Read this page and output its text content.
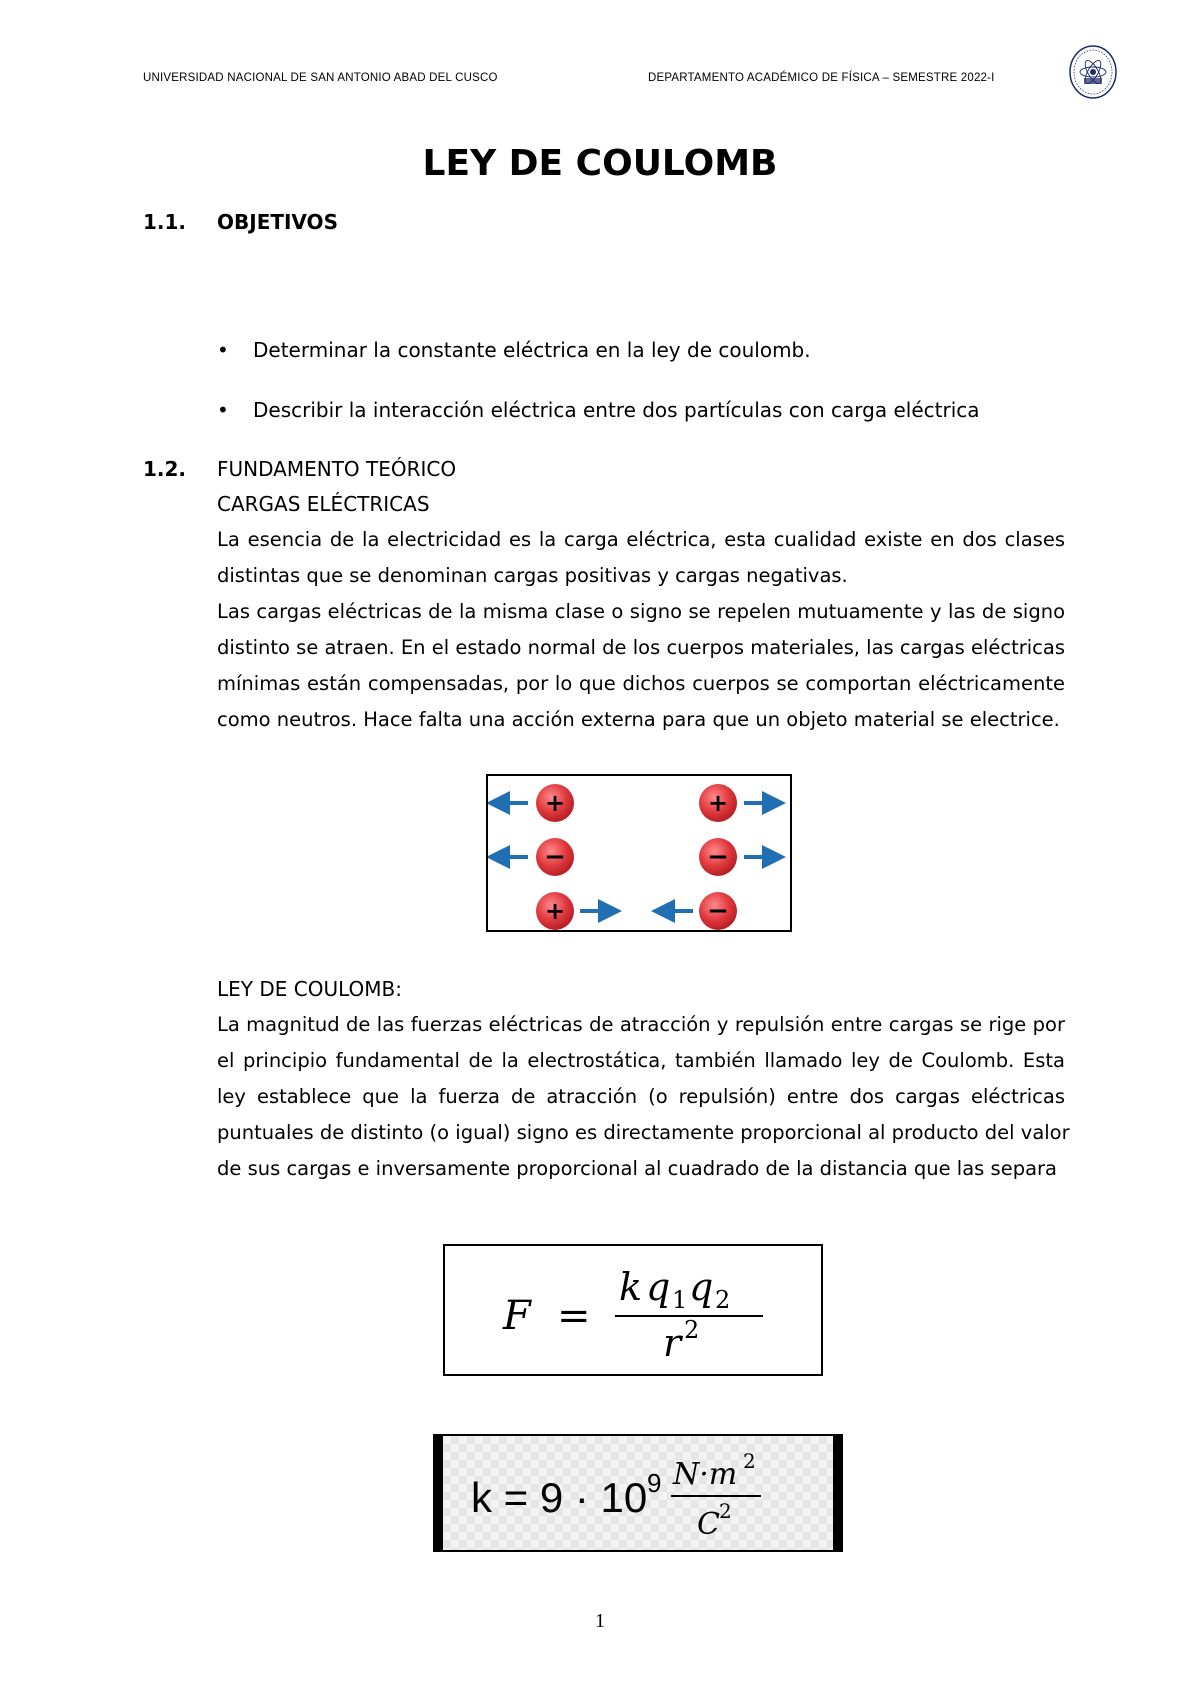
UNIVERSIDAD NACIONAL DE SAN ANTONIO ABAD DEL CUSCO	DEPARTAMENTO ACADÉMICO DE FÍSICA – SEMESTRE 2022-I
LEY DE COULOMB
1.1. OBJETIVOS
• Determinar la constante eléctrica en la ley de coulomb.
• Describir la interacción eléctrica entre dos partículas con carga eléctrica
1.2. FUNDAMENTO TEÓRICO
CARGAS ELÉCTRICAS
La esencia de la electricidad es la carga eléctrica, esta cualidad existe en dos clases
distintas que se denominan cargas positivas y cargas negativas.
Las cargas eléctricas de la misma clase o signo se repelen mutuamente y las de signo
distinto se atraen. En el estado normal de los cuerpos materiales, las cargas eléctricas
mínimas están compensadas, por lo que dichos cuerpos se comportan eléctricamente
como neutros. Hace falta una acción externa para que un objeto material se electrice.
+	+
−	−
+	−
LEY DE COULOMB:
La magnitud de las fuerzas eléctricas de atracción y repulsión entre cargas se rige por
el principio fundamental de la electrostática, también llamado ley de Coulomb. Esta
ley establece que la fuerza de atracción (o repulsión) entre dos cargas eléctricas
puntuales de distinto (o igual) signo es directamente proporcional al producto del valor
de sus cargas e inversamente proporcional al cuadrado de la distancia que las separa
F =
k q 1 q 2
r 2
k = 9 · 10 9 N·m 2
C 2
1
